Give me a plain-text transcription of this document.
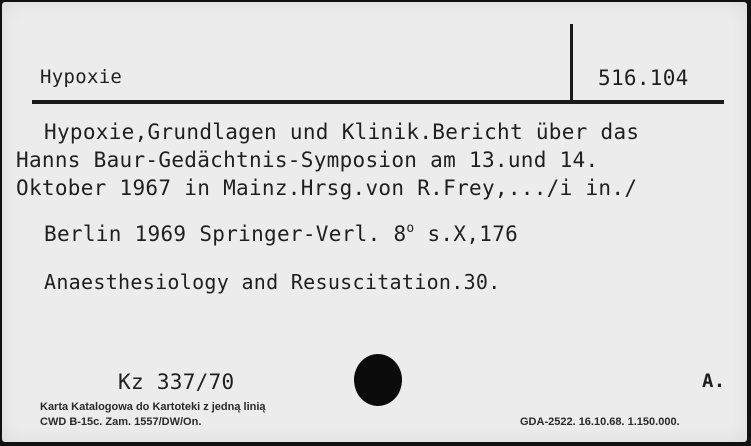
Hypoxie	516.104
Hypoxie,Grundlagen und Klinik.Bericht über das
Hanns Baur-Gedächtnis-Symposion am 13.und 14.
Oktober 1967 in Mainz.Hrsg.von R.Frey,.../i in./
Berlin 1969 Springer-Verl. 8$^o$ s.X,176
Anaesthesiology and Resuscitation.30.
Kz 337/70	A.
Karta Katalogowa do Kartoteki z jedną linią
CWD B-15c. Zam. 1557/DW/On.	GDA-2522. 16.10.68. 1.150.000.
